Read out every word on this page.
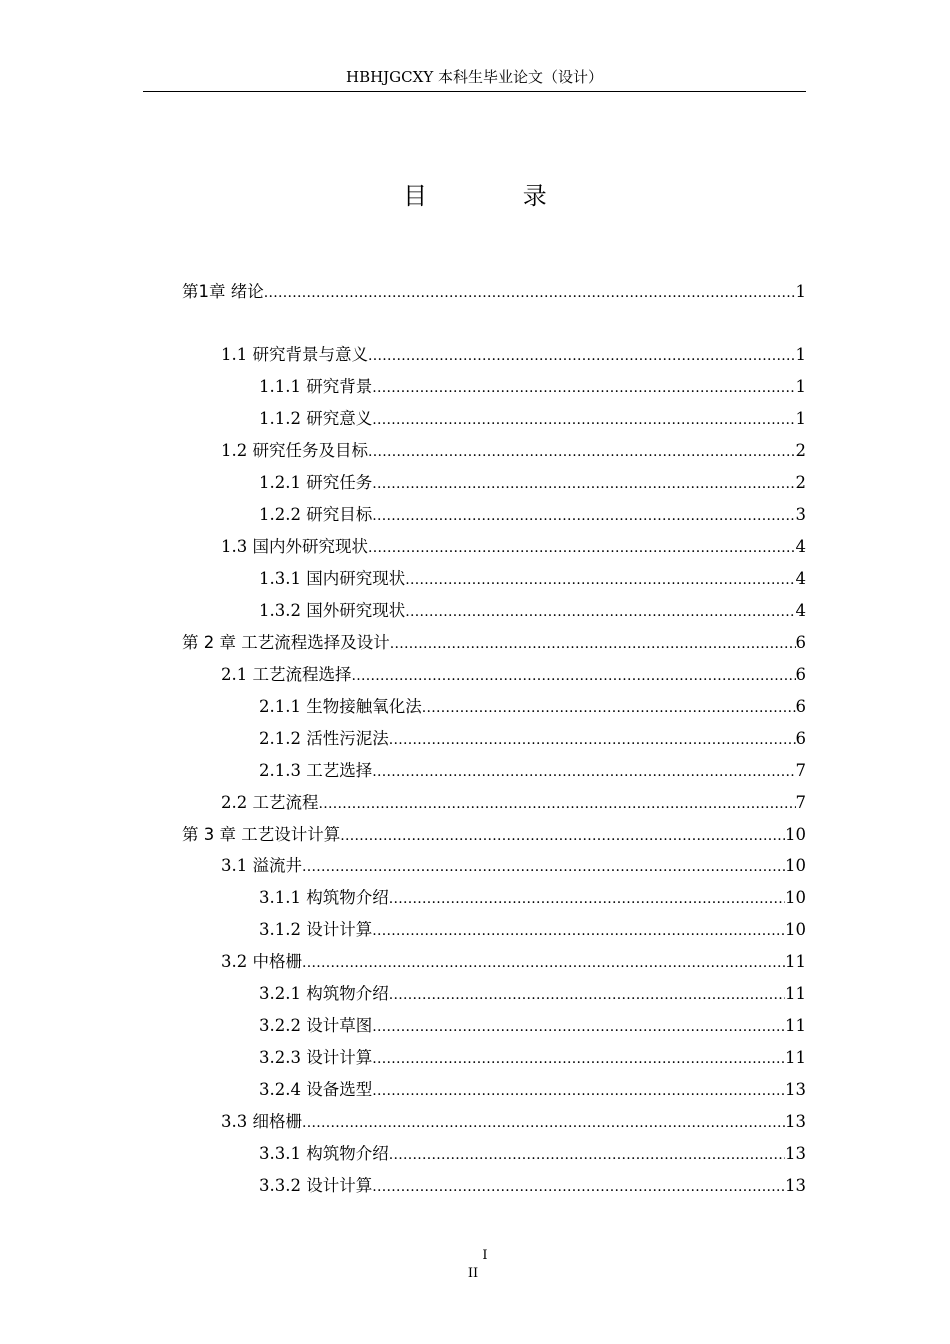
HBHJGCXY 本科生毕业论文（设计）
目 录
第1章 绪论 .....	1
1.1 研究背景与意义 .....	1
1.1.1 研究背景 .....	1
1.1.2 研究意义 .....	1
1.2 研究任务及目标 .....	2
1.2.1 研究任务 .....	2
1.2.2 研究目标 .....	3
1.3 国内外研究现状 .....	4
1.3.1 国内研究现状 .....	4
1.3.2 国外研究现状 .....	4
第 2 章 工艺流程选择及设计 .....	6
2.1 工艺流程选择 .....	6
2.1.1 生物接触氧化法 .....	6
2.1.2 活性污泥法 .....	6
2.1.3 工艺选择 .....	7
2.2 工艺流程 .....	7
第 3 章 工艺设计计算 .....	10
3.1 溢流井 .....	10
3.1.1 构筑物介绍 .....	10
3.1.2 设计计算 .....	10
3.2 中格栅 .....	11
3.2.1 构筑物介绍 .....	11
3.2.2 设计草图 .....	11
3.2.3 设计计算 .....	11
3.2.4 设备选型 .....	13
3.3 细格栅 .....	13
3.3.1 构筑物介绍 .....	13
3.3.2 设计计算 .....	13
I
II
